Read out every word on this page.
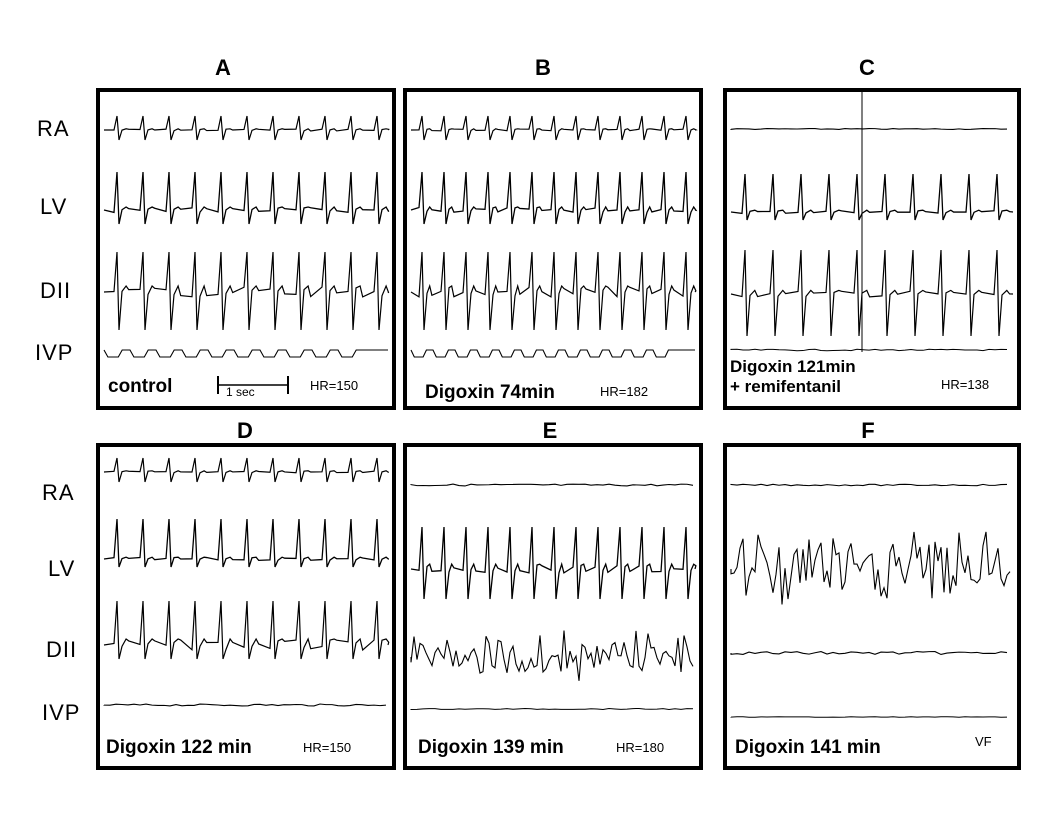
A	B	C
D	E	F
RA
LV
DII
IVP
RA
LV
DII
IVP
control	1 sec	HR=150	Digoxin 74min	HR=182
Digoxin 121min
+ remifentanil	HR=138
Digoxin 122 min	HR=150	Digoxin 139 min	HR=180	Digoxin 141 min	VF
